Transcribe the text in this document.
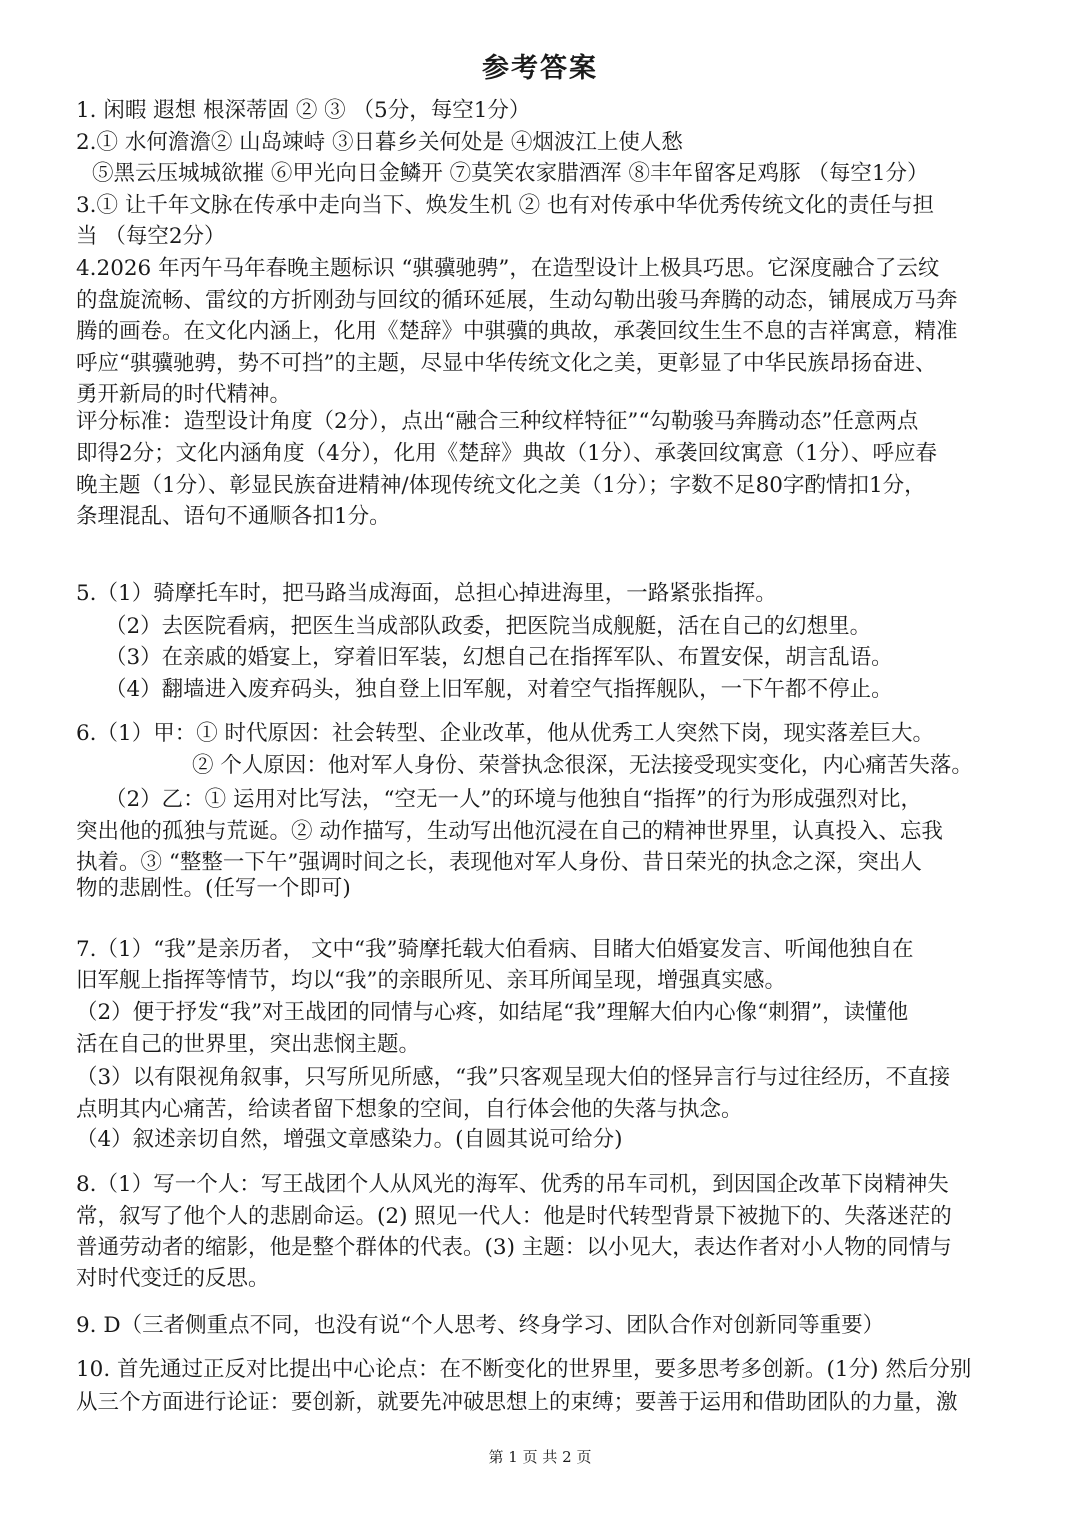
参考答案
1. 闲暇 遐想 根深蒂固 ② ③ （5分，每空1分）
2.① 水何澹澹② 山岛竦峙 ③日暮乡关何处是 ④烟波江上使人愁
⑤黑云压城城欲摧 ⑥甲光向日金鳞开 ⑦莫笑农家腊酒浑 ⑧丰年留客足鸡豚 （每空1分）
3.① 让千年文脉在传承中走向当下、焕发生机 ② 也有对传承中华优秀传统文化的责任与担
当 （每空2分）
4.2026 年丙午马年春晚主题标识 “骐骥驰骋”，在造型设计上极具巧思。它深度融合了云纹
的盘旋流畅、雷纹的方折刚劲与回纹的循环延展，生动勾勒出骏马奔腾的动态，铺展成万马奔
腾的画卷。在文化内涵上，化用《楚辞》中骐骥的典故，承袭回纹生生不息的吉祥寓意，精准
呼应“骐骥驰骋，势不可挡”的主题，尽显中华传统文化之美，更彰显了中华民族昂扬奋进、
勇开新局的时代精神。
评分标准：造型设计角度（2分），点出“融合三种纹样特征”“勾勒骏马奔腾动态”任意两点
即得2分；文化内涵角度（4分），化用《楚辞》典故（1分）、承袭回纹寓意（1分）、呼应春
晚主题（1分）、彰显民族奋进精神/体现传统文化之美（1分）；字数不足80字酌情扣1分，
条理混乱、语句不通顺各扣1分。
5.（1）骑摩托车时，把马路当成海面，总担心掉进海里，一路紧张指挥。
（2）去医院看病，把医生当成部队政委，把医院当成舰艇，活在自己的幻想里。
（3）在亲戚的婚宴上，穿着旧军装，幻想自己在指挥军队、布置安保，胡言乱语。
（4）翻墙进入废弃码头，独自登上旧军舰，对着空气指挥舰队，一下午都不停止。
6.（1）甲：① 时代原因：社会转型、企业改革，他从优秀工人突然下岗，现实落差巨大。
② 个人原因：他对军人身份、荣誉执念很深，无法接受现实变化，内心痛苦失落。
（2）乙：① 运用对比写法，“空无一人”的环境与他独自“指挥”的行为形成强烈对比，
突出他的孤独与荒诞。② 动作描写，生动写出他沉浸在自己的精神世界里，认真投入、忘我
执着。③ “整整一下午”强调时间之长，表现他对军人身份、昔日荣光的执念之深，突出人
物的悲剧性。(任写一个即可)
7.（1）“我”是亲历者， 文中“我”骑摩托载大伯看病、目睹大伯婚宴发言、听闻他独自在
旧军舰上指挥等情节，均以“我”的亲眼所见、亲耳所闻呈现，增强真实感。
（2）便于抒发“我”对王战团的同情与心疼，如结尾“我”理解大伯内心像“刺猬”，读懂他
活在自己的世界里，突出悲悯主题。
（3）以有限视角叙事，只写所见所感，“我”只客观呈现大伯的怪异言行与过往经历，不直接
点明其内心痛苦，给读者留下想象的空间，自行体会他的失落与执念。
（4）叙述亲切自然，增强文章感染力。(自圆其说可给分)
8.（1）写一个人：写王战团个人从风光的海军、优秀的吊车司机，到因国企改革下岗精神失
常，叙写了他个人的悲剧命运。(2) 照见一代人：他是时代转型背景下被抛下的、失落迷茫的
普通劳动者的缩影，他是整个群体的代表。(3) 主题：以小见大，表达作者对小人物的同情与
对时代变迁的反思。
9. D（三者侧重点不同，也没有说“个人思考、终身学习、团队合作对创新同等重要）
10. 首先通过正反对比提出中心论点：在不断变化的世界里，要多思考多创新。(1分) 然后分别
从三个方面进行论证：要创新，就要先冲破思想上的束缚；要善于运用和借助团队的力量，激
第 1 页 共 2 页
